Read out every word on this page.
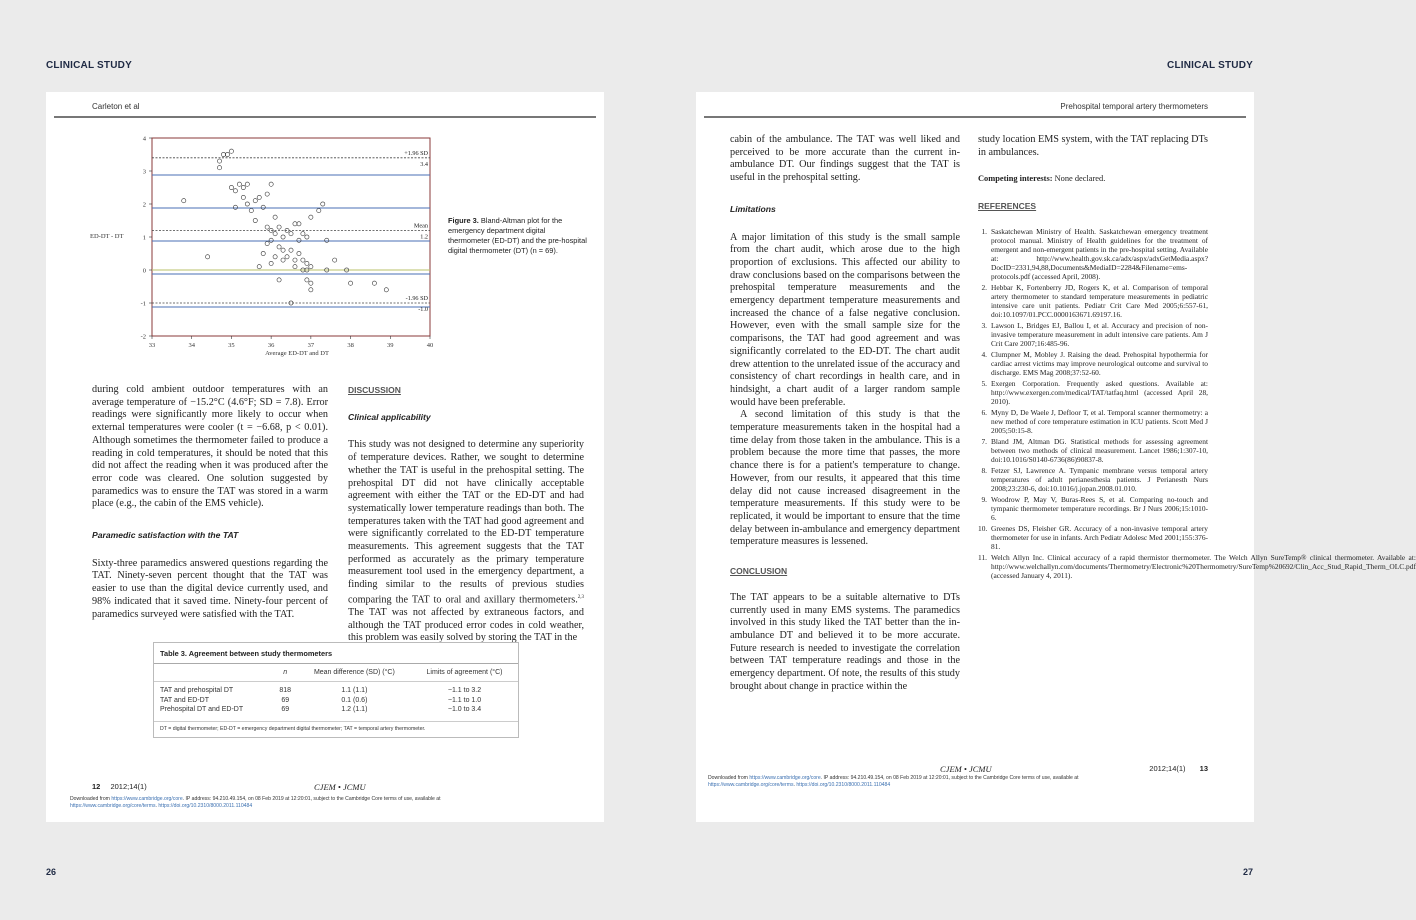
CLINICAL STUDY	CLINICAL STUDY
26	27
Carleton et al
+1.96 SD
3.4
Mean
1.2
-1.96 SD
-1.0
33	34	35	36	37	38	39	40
-2
-1
0
1
2
3
4
Average ED-DT and DT
ED-DT - DT
Figure 3. Bland-Altman plot for the emergency department digital thermometer (ED-DT) and the pre-hospital digital thermometer (DT) (n = 69).

during cold ambient outdoor temperatures with an average temperature of −15.2°C (4.6°F; SD = 7.8). Error readings were significantly more likely to occur when external temperatures were cooler (t = −6.68, p < 0.01). Although sometimes the thermometer failed to produce a reading in cold temperatures, it should be noted that this did not affect the reading when it was produced after the error code was cleared. One solution suggested by paramedics was to ensure the TAT was stored in a warm place (e.g., the cabin of the EMS vehicle).

Paramedic satisfaction with the TAT

Sixty-three paramedics answered questions regarding the TAT. Ninety-seven percent thought that the TAT was easier to use than the digital device currently used, and 98% indicated that it saved time. Ninety-four percent of paramedics surveyed were satisfied with the TAT.

DISCUSSION
Clinical applicability

This study was not designed to determine any superiority of temperature devices. Rather, we sought to determine whether the TAT is useful in the prehospital setting. The prehospital DT did not have clinically acceptable agreement with either the TAT or the ED-DT and had systematically lower temperature readings than both. The temperatures taken with the TAT had good agreement and were significantly correlated to the ED-DT temperature measurements. This agreement suggests that the TAT performed as accurately as the primary temperature measurement tool used in the emergency department, a finding similar to the results of previous studies comparing the TAT to oral and axillary thermometers.$^{2,3}$ The TAT was not affected by extraneous factors, and although the TAT produced error codes in cold weather, this problem was easily solved by storing the TAT in the

Table 3. Agreement between study thermometers
	n	Mean difference (SD) (°C)	Limits of agreement (°C)
TAT and prehospital DT	818	1.1 (1.1)	−1.1 to 3.2
TAT and ED-DT	69	0.1 (0.6)	−1.1 to 1.0
Prehospital DT and ED-DT	69	1.2 (1.1)	−1.0 to 3.4
DT = digital thermometer; ED-DT = emergency department digital thermometer; TAT = temporal artery thermometer.
12 2012;14(1)	CJEM • JCMU
Downloaded from https://www.cambridge.org/core. IP address: 94.210.49.154, on 08 Feb 2019 at 12:20:01, subject to the Cambridge Core terms of use, available at
https://www.cambridge.org/core/terms. https://doi.org/10.2310/8000.2011.110484
Prehospital temporal artery thermometers

cabin of the ambulance. The TAT was well liked and perceived to be more accurate than the current in-ambulance DT. Our findings suggest that the TAT is useful in the prehospital setting.

Limitations

A major limitation of this study is the small sample from the chart audit, which arose due to the high proportion of exclusions. This affected our ability to draw conclusions based on the comparisons between the prehospital temperature measurements and the emergency department temperature measurements and increased the chance of a false negative conclusion. However, even with the small sample size for the comparisons, the TAT had good agreement and was significantly correlated to the ED-DT. The chart audit drew attention to the unrelated issue of the accuracy and consistency of chart recordings in health care, and in hindsight, a chart audit of a larger random sample would have been preferable.

A second limitation of this study is that the temperature measurements taken in the hospital had a time delay from those taken in the ambulance. This is a problem because the more time that passes, the more chance there is for a patient's temperature to change. However, from our results, it appeared that this time delay did not cause increased disagreement in the temperature measurements. If this study were to be replicated, it would be important to ensure that the time delay between in-ambulance and emergency department temperature measures is lessened.

CONCLUSION

The TAT appears to be a suitable alternative to DTs currently used in many EMS systems. The paramedics involved in this study liked the TAT better than the in-ambulance DT and believed it to be more accurate. Future research is needed to investigate the correlation between TAT temperature readings and those in the emergency department. Of note, the results of this study brought about change in practice within the

study location EMS system, with the TAT replacing DTs in ambulances.

Competing interests: None declared.
REFERENCES
1. Saskatchewan Ministry of Health. Saskatchewan emergency treatment protocol manual. Ministry of Health guidelines for the treatment of emergent and non-emergent patients in the pre-hospital setting. Available at: http://www.health.gov.sk.ca/adx/aspx/adxGetMedia.aspx?DocID=2331,94,88,Documents&MediaID=2284&Filename=ems-protocols.pdf (accessed April, 2008).
2. Hebbar K, Fortenberry JD, Rogers K, et al. Comparison of temporal artery thermometer to standard temperature measurements in pediatric intensive care unit patients. Pediatr Crit Care Med 2005;6:557-61, doi:10.1097/01.PCC.0000163671.69197.16.
3. Lawson L, Bridges EJ, Ballou I, et al. Accuracy and precision of non-invasive temperature measurement in adult intensive care patients. Am J Crit Care 2007;16:485-96.
4. Clumpner M, Mobley J. Raising the dead. Prehospital hypothermia for cardiac arrest victims may improve neurological outcome and survival to discharge. EMS Mag 2008;37:52-60.
5. Exergen Corporation. Frequently asked questions. Available at: http://www.exergen.com/medical/TAT/tatfaq.html (accessed April 28, 2010).
6. Myny D, De Waele J, Defloor T, et al. Temporal scanner thermometry: a new method of core temperature estimation in ICU patients. Scott Med J 2005;50:15-8.
7. Bland JM, Altman DG. Statistical methods for assessing agreement between two methods of clinical measurement. Lancet 1986;1:307-10, doi:10.1016/S0140-6736(86)90837-8.
8. Fetzer SJ, Lawrence A. Tympanic membrane versus temporal artery temperatures of adult perianesthesia patients. J Perianesth Nurs 2008;23:230-6, doi:10.1016/j.jopan.2008.01.010.
9. Woodrow P, May V, Buras-Rees S, et al. Comparing no-touch and tympanic thermometer temperature recordings. Br J Nurs 2006;15:1010-6.
10. Greenes DS, Fleisher GR. Accuracy of a non-invasive temporal artery thermometer for use in infants. Arch Pediatr Adolesc Med 2001;155:376-81.
11. Welch Allyn Inc. Clinical accuracy of a rapid thermistor thermometer. The Welch Allyn SureTemp® clinical thermometer. Available at: http://www.welchallyn.com/documents/Thermometry/Electronic%20Thermometry/SureTemp%20692/Clin_Acc_Stud_Rapid_Therm_OLC.pdf (accessed January 4, 2011).
CJEM • JCMU	2012;14(1) 13
Downloaded from https://www.cambridge.org/core. IP address: 94.210.49.154, on 08 Feb 2019 at 12:20:01, subject to the Cambridge Core terms of use, available at
https://www.cambridge.org/core/terms. https://doi.org/10.2310/8000.2011.110484
